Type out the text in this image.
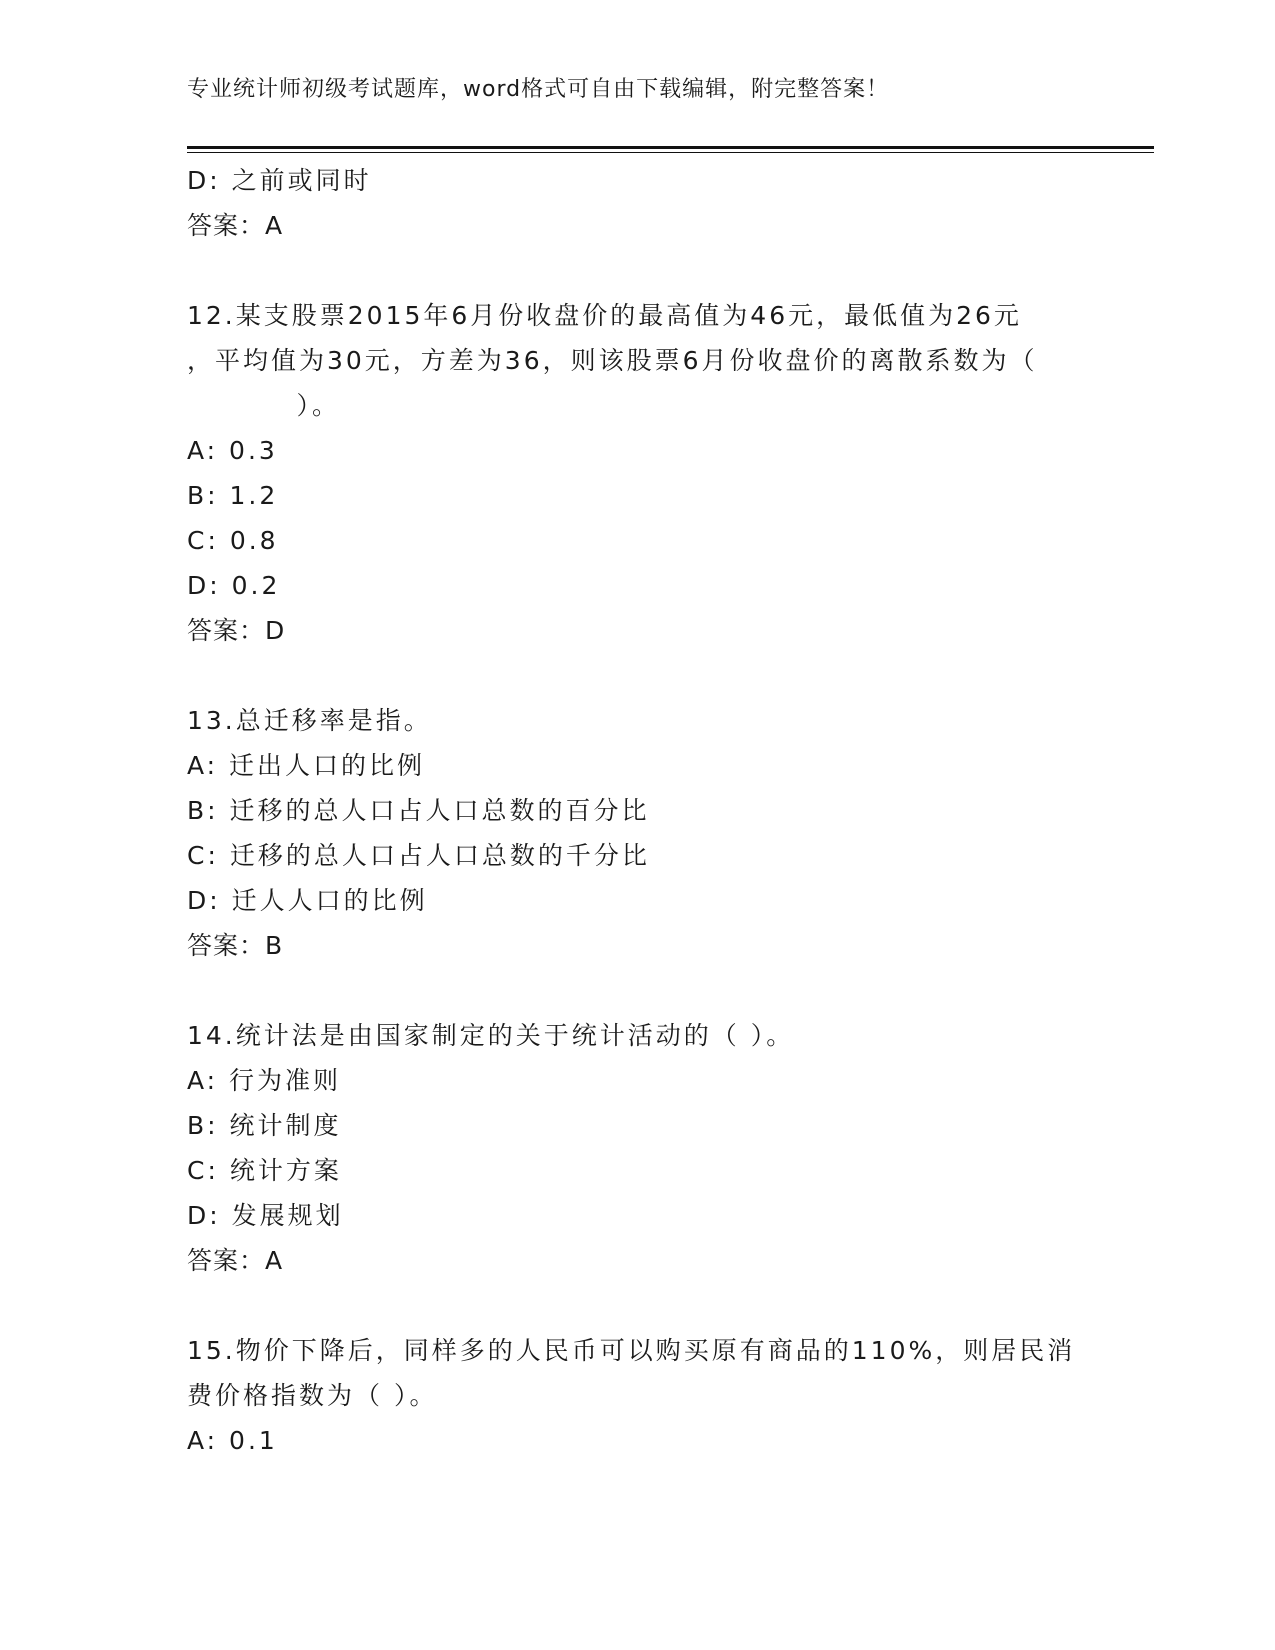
专业统计师初级考试题库，word格式可自由下载编辑，附完整答案！
D: 之前或同时
答案：A
12.某支股票2015年6月份收盘价的最高值为46元，最低值为26元
，平均值为30元，方差为36，则该股票6月份收盘价的离散系数为（
）。
A: 0.3
B: 1.2
C: 0.8
D: 0.2
答案：D
13.总迁移率是指。
A: 迁出人口的比例
B: 迁移的总人口占人口总数的百分比
C: 迁移的总人口占人口总数的千分比
D: 迁人人口的比例
答案：B
14.统计法是由国家制定的关于统计活动的（ ）。
A: 行为准则
B: 统计制度
C: 统计方案
D: 发展规划
答案：A
15.物价下降后，同样多的人民币可以购买原有商品的110%，则居民消
费价格指数为（ ）。
A: 0.1
